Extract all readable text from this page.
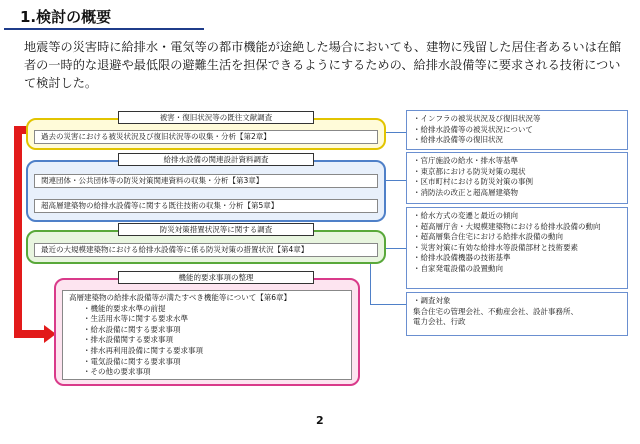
1.検討の概要
地震等の災害時に給排水・電気等の都市機能が途絶した場合においても、建物に残留した居住者あるいは在館者の一時的な退避や最低限の避難生活を担保できるようにするための、給排水設備等に要求される技術について検討した。
被害・復旧状況等の既往文献調査
過去の災害における被災状況及び復旧状況等の収集・分析【第2章】
給排水設備の関連設計資料調査
関連団体・公共団体等の防災対策関連資料の収集・分析【第3章】
超高層建築物の給排水設備等に関する既往技術の収集・分析【第5章】
防災対策措置状況等に関する調査
最近の大規模建築物における給排水設備等に係る防災対策の措置状況【第4章】
機能的要求事項の整理
高層建築物の給排水設備等が満たすべき機能等について【第6章】
・機能的要求水準の前提
・生活用水等に関する要求水準
・給水設備に関する要求事項
・排水設備関する要求事項
・排水再利用設備に関する要求事項
・電気設備に関する要求事項
・その他の要求事項
・インフラの被災状況及び復旧状況等
・給排水設備等の被災状況について
・給排水設備等の復旧状況
・官庁施設の給水・排水等基準
・東京都における防災対策の現状
・区市町村における防災対策の事例
・消防法の改正と超高層建築物
・給水方式の変遷と最近の傾向
・超高層庁舎・大規模建築物における給排水設備の動向
・超高層集合住宅における給排水設備の動向
・災害対策に有効な給排水等設備部材と技術要素
・給排水設備機器の技術基準
・自家発電設備の設置動向
・調査対象
集合住宅の管理会社、不動産会社、設計事務所、
電力会社、行政
2
